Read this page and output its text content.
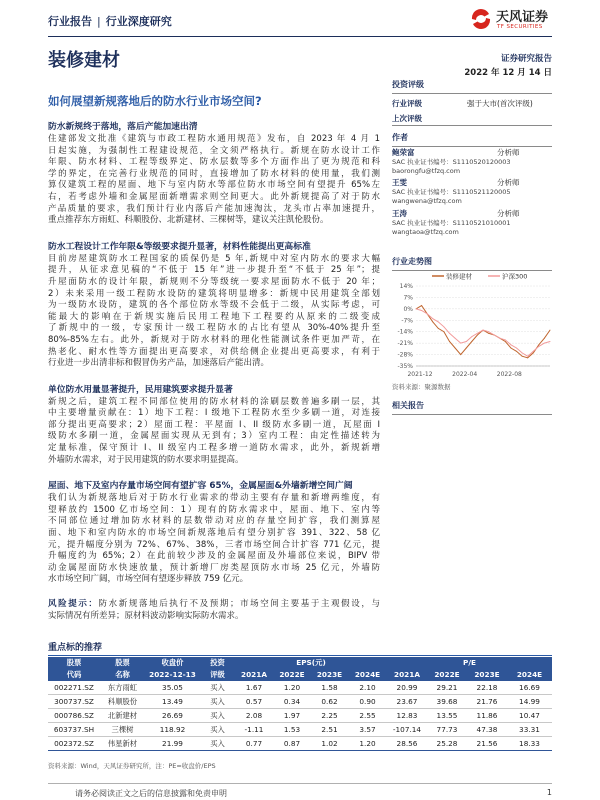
行业报告 | 行业深度研究	天风证券
TF SECURITIES
装修建材	证券研究报告
2022 年 12 月 14 日
如何展望新规落地后的防水行业市场空间?
投资评级
行业评级	强于大市(首次评级)
上次评级
作者
鲍荣富	分析师
SAC 执业证书编号：S1110520120003
baorongfu@tfzq.com
王雯	分析师
SAC 执业证书编号：S1110521120005
wangwena@tfzq.com
王涛	分析师
SAC 执业证书编号：S1110521010001
wangtaoa@tfzq.com
行业走势图
14%
7%
0%
-7%
-14%
-21%
-28%
-35%
2021-12	2022-04	2022-08
装修建材	沪深300
资料来源：聚源数据
相关报告
防水新规终于落地，落后产能加速出清
住建部发文批准《建筑与市政工程防水通用规范》发布，自 2023 年 4 月 1
日起实施，为强制性工程建设规范，全文须严格执行。新规在防水设计工作
年限、防水材料、工程等级界定、防水层数等多个方面作出了更为规范和科
学的界定，在完善行业规范的同时，直接增加了防水材料的使用量，我们测
算仅建筑工程的屋面、地下与室内防水等部位防水市场空间有望提升 65%左
右，若考虑外墙和金属屋面新增需求则空间更大。此外新规提高了对于防水
产品质量的要求，我们预计行业内落后产能加速淘汰，龙头市占率加速提升，
重点推荐东方雨虹、科顺股份、北新建材、三棵树等，建议关注凯伦股份。
防水工程设计工作年限&等级要求提升显著，材料性能提出更高标准
目前房屋建筑防水工程国家的质保仍是 5 年,新规中对室内防水的要求大幅
提升，从征求意见稿的“不低于 15 年”进一步提升至“不低于 25 年”；提
升屋面防水的设计年限，新规则不分等级统一要求屋面防水不低于 20 年；
2）未来采用一级工程防水设防的建筑将明显增多：新规中民用建筑全部划
为一级防水设防，建筑的各个部位防水等级不会低于二级，从实际考虑，可
能最大的影响在于新规实施后民用工程地下工程要约从原来的二级变成
了新规中的一级，专家预计一级工程防水的占比有望从 30%-40%提升至
80%-85%左右。此外，新规对于防水材料的理化性能测试条件更加严苛，在
热老化、耐水性等方面提出更高要求，对供给侧企业提出更高要求，有利于
行业进一步出清非标和假冒伪劣产品，加速落后产能出清。
单位防水用量显著提升，民用建筑要求提升显著
新规之后，建筑工程不同部位使用的防水材料的涂刷层数普遍多刷一层，其
中主要增量贡献在：1）地下工程：I 级地下工程防水至少多刷一道，对连接
部分提出更高要求；2）屋面工程：平屋面 I、II 级防水多刷一道，瓦屋面 I
级防水多刷一道，金属屋面实现从无到有；3）室内工程：由定性描述转为
定量标准，保守预计 I、II 级室内工程多增一道防水需求，此外，新规新增
外墙防水需求，对于民用建筑的防水要求明显提高。
屋面、地下及室内存量市场空间有望扩容 65%，金属屋面&外墙新增空间广阔
我们认为新规落地后对于防水行业需求的带动主要有存量和新增两维度，有
望释放约 1500 亿市场空间：1）现有的防水需求中，屋面、地下、室内等
不同部位通过增加防水材料的层数带动对应的存量空间扩容，我们测算屋
面、地下和室内防水的市场空间新规落地后有望分别扩容 391、322、58 亿
元，提升幅度分别为 72%、67%、38%，三者市场空间合计扩容 771 亿元，提
升幅度约为 65%；2）在此前较少涉及的金属屋面及外墙部位来说，BIPV 带
动金属屋面防水快速放量，预计新增厂房类屋顶防水市场 25 亿元，外墙防
水市场空间广阔，市场空间有望逐步释放 759 亿元。
风险提示：防水新规落地后执行不及预期；市场空间主要基于主观假设，与
实际情况有所差异；原材料波动影响实际防水需求。
重点标的推荐
股票	股票	收盘价	投资	EPS(元)				P/E			
代码	名称	2022-12-13	评级	2021A	2022E	2023E	2024E	2021A	2022E	2023E	2024E
002271.SZ	东方雨虹	35.05	买入	1.67	1.20	1.58	2.10	20.99	29.21	22.18	16.69
300737.SZ	科顺股份	13.49	买入	0.57	0.34	0.62	0.90	23.67	39.68	21.76	14.99
000786.SZ	北新建材	26.69	买入	2.08	1.97	2.25	2.55	12.83	13.55	11.86	10.47
603737.SH	三棵树	118.92	买入	-1.11	1.53	2.51	3.57	-107.14	77.73	47.38	33.31
002372.SZ	伟星新材	21.99	买入	0.77	0.87	1.02	1.20	28.56	25.28	21.56	18.33
资料来源：Wind，天风证券研究所，注：PE=收盘价/EPS
请务必阅读正文之后的信息披露和免责申明	1
